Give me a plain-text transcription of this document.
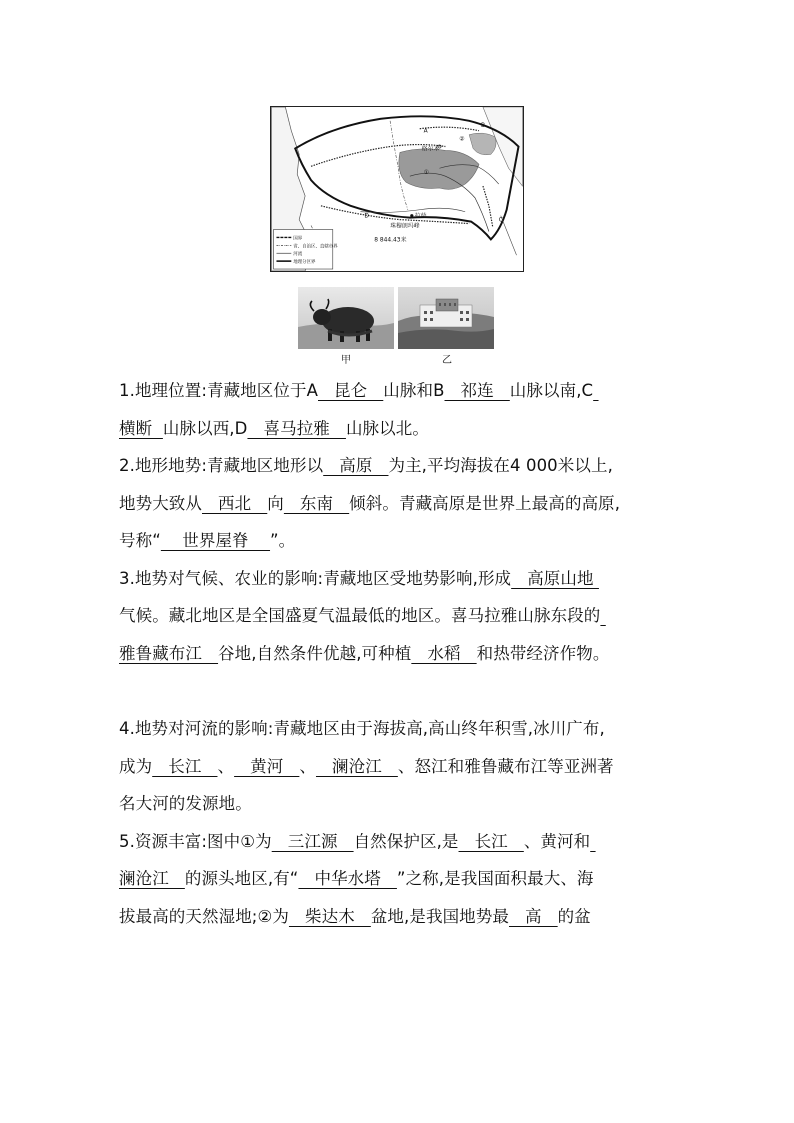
A
B
C
D
①
②
格尔木
拉萨
珠穆朗玛峰
8 844.43米
国界
省、自治区、直辖市界
河流
地理分区界
甲	乙
1.地理位置:青藏地区位于A   昆仑   山脉和B   祁连   山脉以南,C
横断  山脉以西,D   喜马拉雅   山脉以北。
2.地形地势:青藏地区地形以   高原   为主,平均海拔在4 000米以上,
地势大致从   西北   向   东南   倾斜。青藏高原是世界上最高的高原,
号称“    世界屋脊    ”。
3.地势对气候、农业的影响:青藏地区受地势影响,形成   高原山地
气候。藏北地区是全国盛夏气温最低的地区。喜马拉雅山脉东段的
雅鲁藏布江   谷地,自然条件优越,可种植   水稻   和热带经济作物。
4.地势对河流的影响:青藏地区由于海拔高,高山终年积雪,冰川广布,
成为   长江   、   黄河   、   澜沧江   、怒江和雅鲁藏布江等亚洲著
名大河的发源地。
5.资源丰富:图中①为   三江源   自然保护区,是   长江   、黄河和
澜沧江   的源头地区,有“   中华水塔   ”之称,是我国面积最大、海
拔最高的天然湿地;②为   柴达木   盆地,是我国地势最   高   的盆
